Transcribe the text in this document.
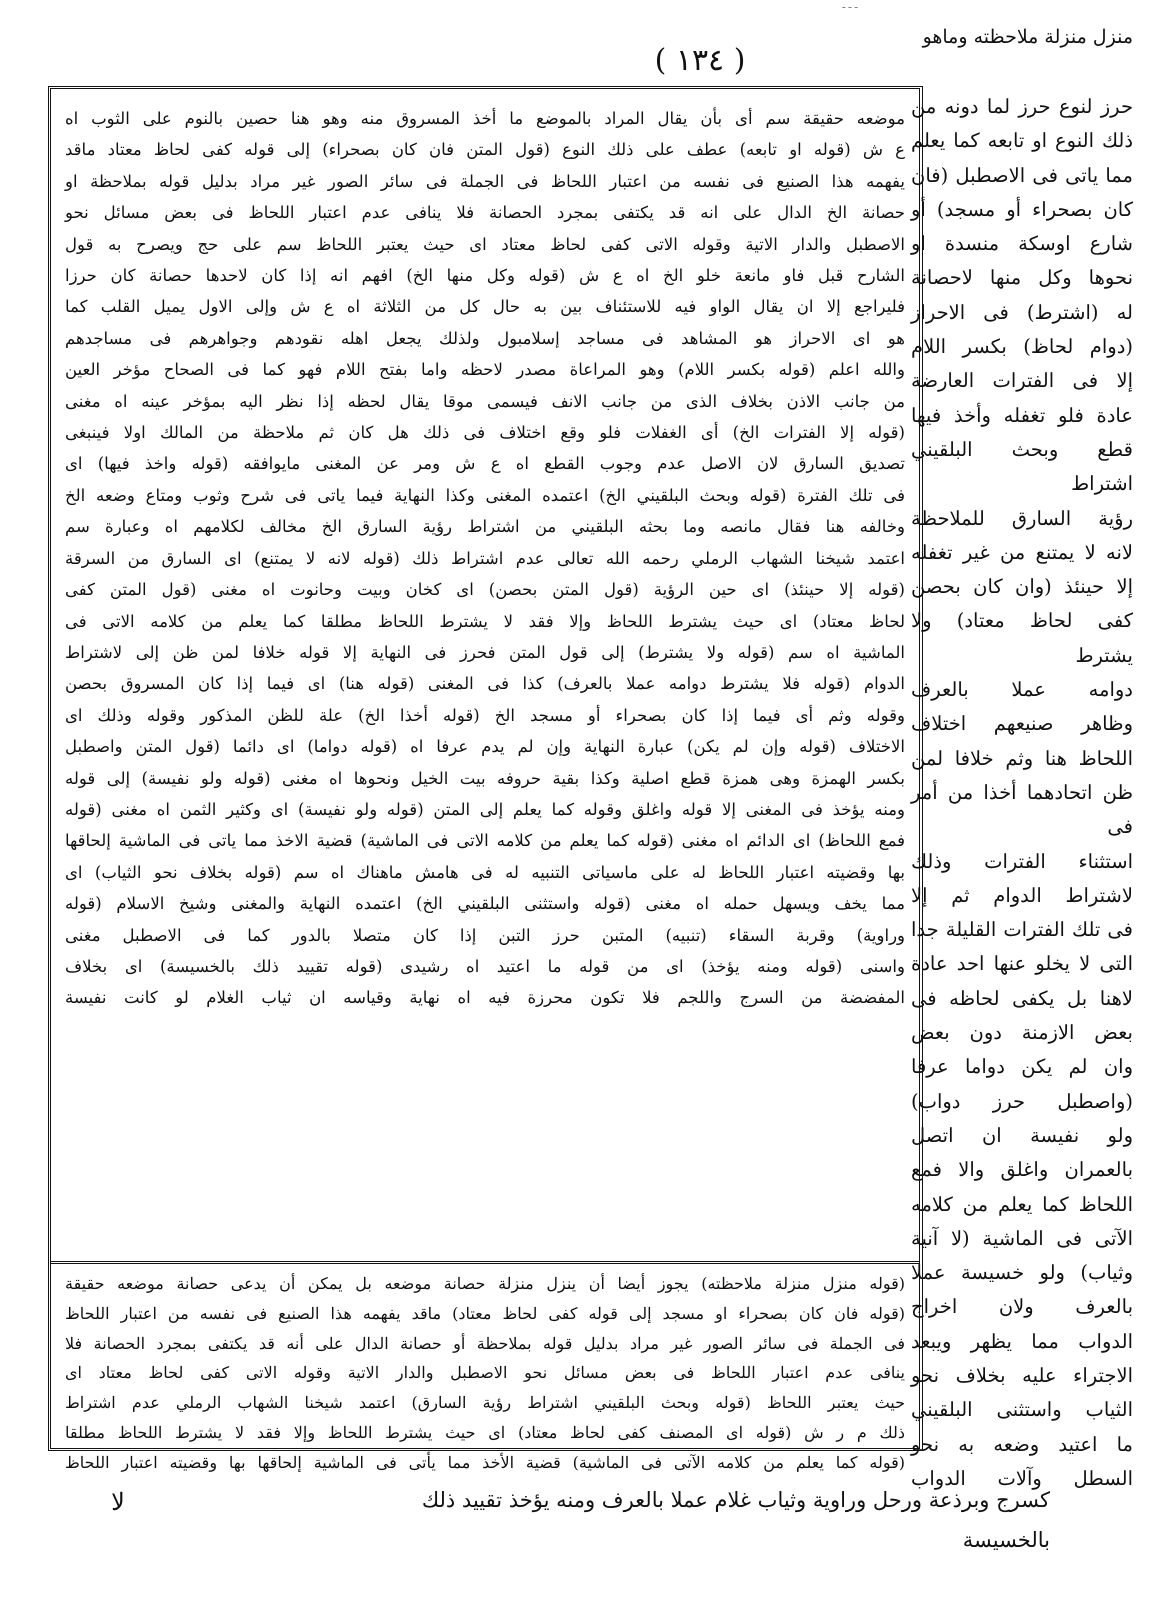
ـ ـ ـ
منزل منزلة ملاحظته وماهو
( ١٣٤ )

حرز لنوع حرز لما دونه من

ذلك النوع او تابعه كما يعلم

مما ياتى فى الاصطبل (فان

كان بصحراء أو مسجد) أو

شارع اوسكة منسدة او

نحوها وكل منها لاحصانة

له (اشترط) فى الاحراز

(دوام لحاظ) بكسر اللام

إلا فى الفترات العارضة

عادة فلو تغفله وأخذ فيها

قطع وبحث البلقيني اشتراط

رؤية السارق للملاحظة

لانه لا يمتنع من غير تغفله

إلا حينئذ (وان كان بحصن

كفى لحاظ معتاد) ولا يشترط

دوامه عملا بالعرف

وظاهر صنيعهم اختلاف

اللحاظ هنا وثم خلافا لمن

ظن اتحادهما أخذا من أمر فى

استثناء الفترات وذلك

لاشتراط الدوام ثم إلا

فى تلك الفترات القليلة جدا

التى لا يخلو عنها احد عادة

لاهنا بل يكفى لحاظه فى

بعض الازمنة دون بعض

وان لم يكن دواما عرفا

(واصطبل حرز دواب)

ولو نفيسة ان اتصل

بالعمران واغلق والا فمع

اللحاظ كما يعلم من كلامه

الآتى فى الماشية (لا آنية

وثياب) ولو خسيسة عملا

بالعرف ولان اخراج

الدواب مما يظهر ويبعد

الاجتراء عليه بخلاف نحو

الثياب واستثنى البلقيني

ما اعتيد وضعه به نحو

السطل وآلات الدواب

موضعه حقيقة سم أى بأن يقال المراد بالموضع ما أخذ المسروق منه وهو هنا حصين بالنوم على الثوب اه

ع ش (قوله او تابعه) عطف على ذلك النوع (قول المتن فان كان بصحراء) إلى قوله كفى لحاظ معتاد ماقد

يفهمه هذا الصنيع فى نفسه من اعتبار اللحاظ فى الجملة فى سائر الصور غير مراد بدليل قوله بملاحظة او

حصانة الخ الدال على انه قد يكتفى بمجرد الحصانة فلا ينافى عدم اعتبار اللحاظ فى بعض مسائل نحو

الاصطبل والدار الاتية وقوله الاتى كفى لحاظ معتاد اى حيث يعتبر اللحاظ سم على حج ويصرح به قول

الشارح قبل فاو مانعة خلو الخ اه ع ش (قوله وكل منها الخ) افهم انه إذا كان لاحدها حصانة كان حرزا

فليراجع إلا ان يقال الواو فيه للاستئناف بين به حال كل من الثلاثة اه ع ش وإلى الاول يميل القلب كما

هو اى الاحراز هو المشاهد فى مساجد إسلامبول ولذلك يجعل اهله نقودهم وجواهرهم فى مساجدهم

والله اعلم (قوله بكسر اللام) وهو المراعاة مصدر لاحظه واما بفتح اللام فهو كما فى الصحاح مؤخر العين

من جانب الاذن بخلاف الذى من جانب الانف فيسمى موقا يقال لحظه إذا نظر اليه بمؤخر عينه اه مغنى

(قوله إلا الفترات الخ) أى الغفلات فلو وقع اختلاف فى ذلك هل كان ثم ملاحظة من المالك اولا فينبغى

تصديق السارق لان الاصل عدم وجوب القطع اه ع ش ومر عن المغنى مايوافقه (قوله واخذ فيها) اى

فى تلك الفترة (قوله وبحث البلقيني الخ) اعتمده المغنى وكذا النهاية فيما ياتى فى شرح وثوب ومتاع وضعه الخ

وخالفه هنا فقال مانصه وما بحثه البلقيني من اشتراط رؤية السارق الخ مخالف لكلامهم اه وعبارة سم

اعتمد شيخنا الشهاب الرملي رحمه الله تعالى عدم اشتراط ذلك (قوله لانه لا يمتنع) اى السارق من السرقة

(قوله إلا حينئذ) اى حين الرؤية (قول المتن بحصن) اى كخان وبيت وحانوت اه مغنى (قول المتن كفى

لحاظ معتاد) اى حيث يشترط اللحاظ وإلا فقد لا يشترط اللحاظ مطلقا كما يعلم من كلامه الاتى فى

الماشية اه سم (قوله ولا يشترط) إلى قول المتن فحرز فى النهاية إلا قوله خلافا لمن ظن إلى لاشتراط

الدوام (قوله فلا يشترط دوامه عملا بالعرف) كذا فى المغنى (قوله هنا) اى فيما إذا كان المسروق بحصن

وقوله وثم أى فيما إذا كان بصحراء أو مسجد الخ (قوله أخذا الخ) علة للظن المذكور وقوله وذلك اى

الاختلاف (قوله وإن لم يكن) عبارة النهاية وإن لم يدم عرفا اه (قوله دواما) اى دائما (قول المتن واصطبل

بكسر الهمزة وهى همزة قطع اصلية وكذا بقية حروفه بيت الخيل ونحوها اه مغنى (قوله ولو نفيسة) إلى قوله

ومنه يؤخذ فى المغنى إلا قوله واغلق وقوله كما يعلم إلى المتن (قوله ولو نفيسة) اى وكثير الثمن اه مغنى (قوله

فمع اللحاظ) اى الدائم اه مغنى (قوله كما يعلم من كلامه الاتى فى الماشية) قضية الاخذ مما ياتى فى الماشية إلحاقها

بها وقضيته اعتبار اللحاظ له على ماسياتى التنبيه له فى هامش ماهناك اه سم (قوله بخلاف نحو الثياب) اى

مما يخف ويسهل حمله اه مغنى (قوله واستثنى البلقيني الخ) اعتمده النهاية والمغنى وشيخ الاسلام (قوله

وراوية) وقربة السقاء (تنبيه) المتبن حرز التبن إذا كان متصلا بالدور كما فى الاصطبل مغنى

واسنى (قوله ومنه يؤخذ) اى من قوله ما اعتيد اه رشيدى (قوله تقييد ذلك بالخسيسة) اى بخلاف

المفضضة من السرج واللجم فلا تكون محرزة فيه اه نهاية وقياسه ان ثياب الغلام لو كانت نفيسة

(قوله منزل منزلة ملاحظته) يجوز أيضا أن ينزل منزلة حصانة موضعه بل يمكن أن يدعى حصانة موضعه حقيقة

(قوله فان كان بصحراء او مسجد إلى قوله كفى لحاظ معتاد) ماقد يفهمه هذا الصنيع فى نفسه من اعتبار اللحاظ

فى الجملة فى سائر الصور غير مراد بدليل قوله بملاحظة أو حصانة الدال على أنه قد يكتفى بمجرد الحصانة فلا

ينافى عدم اعتبار اللحاظ فى بعض مسائل نحو الاصطبل والدار الاتية وقوله الاتى كفى لحاظ معتاد اى

حيث يعتبر اللحاظ (قوله وبحث البلقيني اشتراط رؤية السارق) اعتمد شيخنا الشهاب الرملي عدم اشتراط

ذلك م ر ش (قوله اى المصنف كفى لحاظ معتاد) اى حيث يشترط اللحاظ وإلا فقد لا يشترط اللحاظ مطلقا

(قوله كما يعلم من كلامه الآتى فى الماشية) قضية الأخذ مما يأتى فى الماشية إلحاقها بها وقضيته اعتبار اللحاظ

كسرج وبرذعة ورحل وراوية وثياب غلام عملا بالعرف ومنه يؤخذ تقييد ذلك بالخسيسة
لا
